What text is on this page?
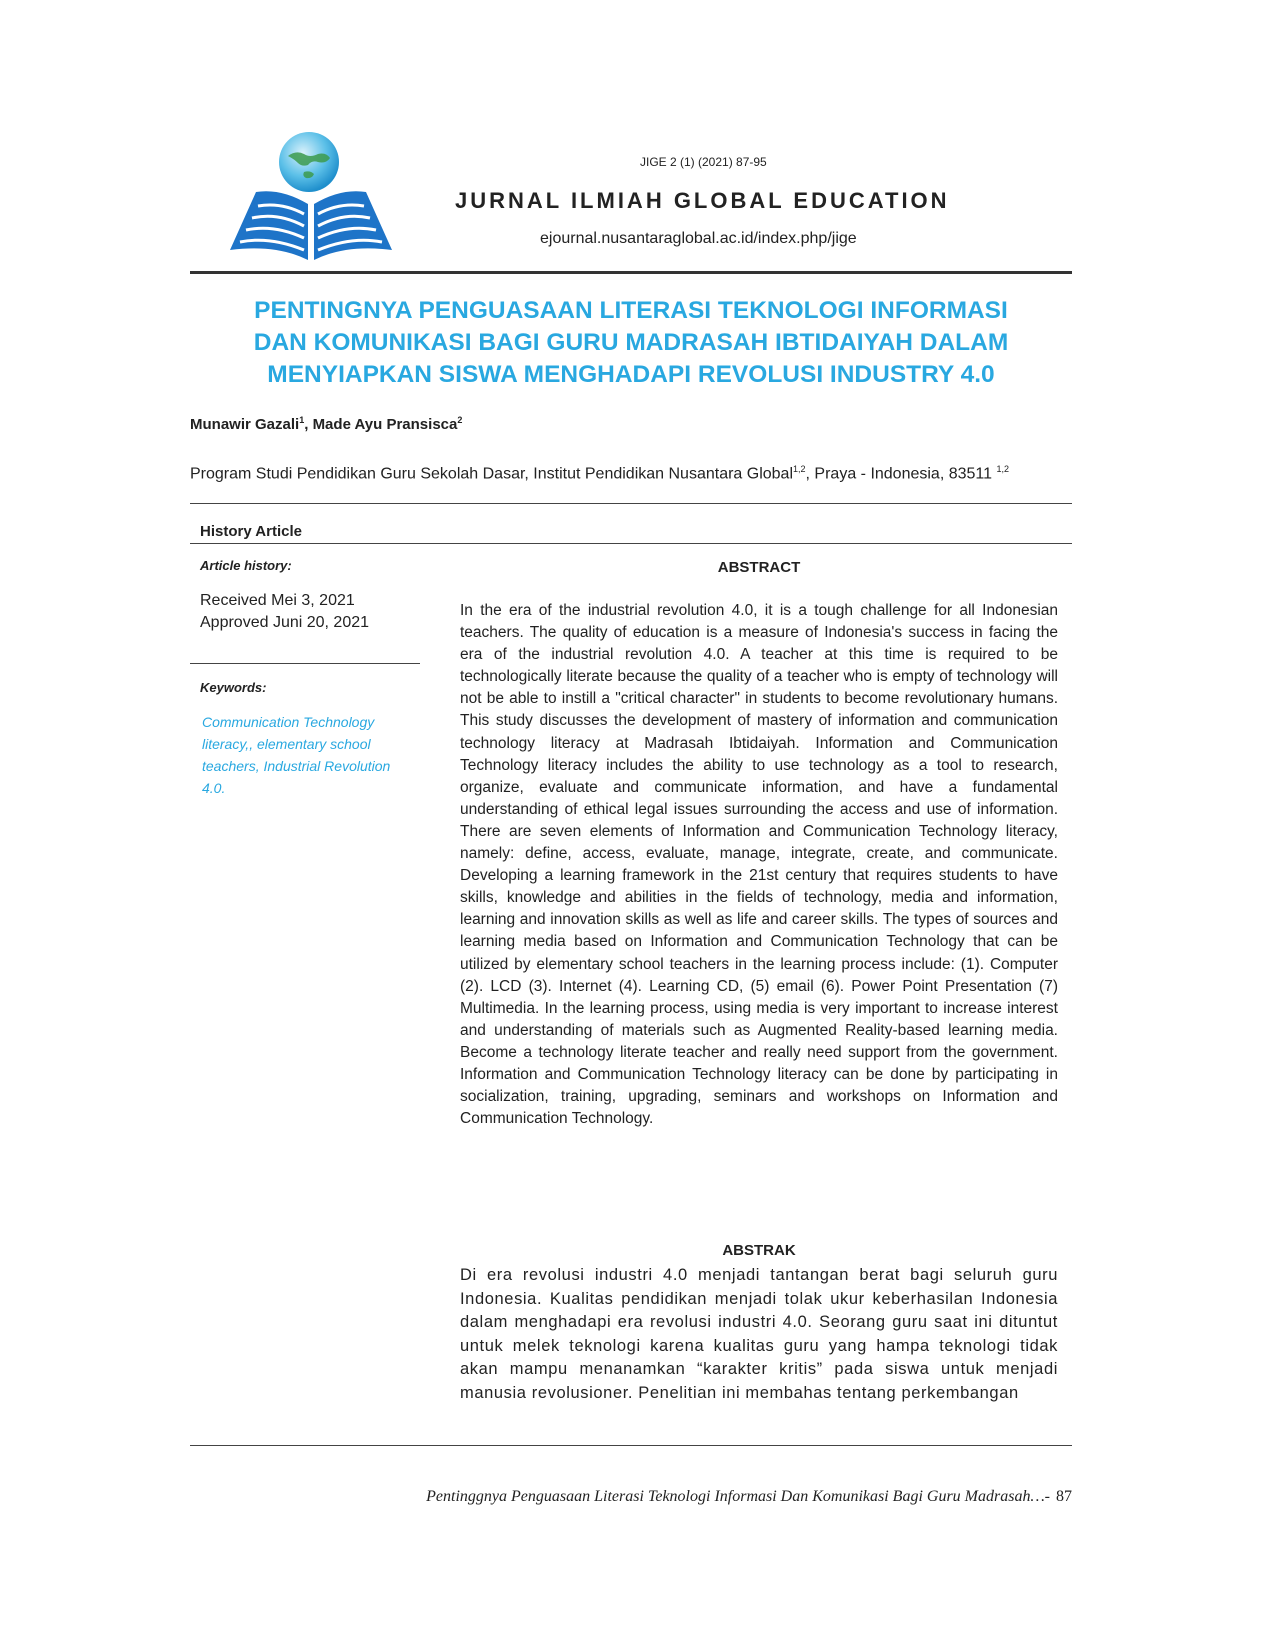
JIGE 2 (1) (2021) 87-95
JURNAL ILMIAH GLOBAL EDUCATION
ejournal.nusantaraglobal.ac.id/index.php/jige
PENTINGNYA PENGUASAAN LITERASI TEKNOLOGI INFORMASI
DAN KOMUNIKASI BAGI GURU MADRASAH IBTIDAIYAH DALAM
MENYIAPKAN SISWA MENGHADAPI REVOLUSI INDUSTRY 4.0
Munawir Gazali$^1$, Made Ayu Pransisca$^2$
Program Studi Pendidikan Guru Sekolah Dasar, Institut Pendidikan Nusantara Global$^{1,2}$, Praya - Indonesia, 83511 $^{1,2}$
History Article
Article history:
Received Mei 3, 2021
Approved Juni 20, 2021
Keywords:
Communication Technology literacy,, elementary school teachers, Industrial Revolution 4.0.
ABSTRACT
In the era of the industrial revolution 4.0, it is a tough challenge for all Indonesian teachers. The quality of education is a measure of Indonesia's success in facing the era of the industrial revolution 4.0. A teacher at this time is required to be technologically literate because the quality of a teacher who is empty of technology will not be able to instill a "critical character" in students to become revolutionary humans. This study discusses the development of mastery of information and communication technology literacy at Madrasah Ibtidaiyah. Information and Communication Technology literacy includes the ability to use technology as a tool to research, organize, evaluate and communicate information, and have a fundamental understanding of ethical legal issues surrounding the access and use of information. There are seven elements of Information and Communication Technology literacy, namely: define, access, evaluate, manage, integrate, create, and communicate. Developing a learning framework in the 21st century that requires students to have skills, knowledge and abilities in the fields of technology, media and information, learning and innovation skills as well as life and career skills. The types of sources and learning media based on Information and Communication Technology that can be utilized by elementary school teachers in the learning process include: (1). Computer (2). LCD (3). Internet (4). Learning CD, (5) email (6). Power Point Presentation (7) Multimedia. In the learning process, using media is very important to increase interest and understanding of materials such as Augmented Reality-based learning media. Become a technology literate teacher and really need support from the government. Information and Communication Technology literacy can be done by participating in socialization, training, upgrading, seminars and workshops on Information and Communication Technology.
ABSTRAK
Di era revolusi industri 4.0 menjadi tantangan berat bagi seluruh guru Indonesia. Kualitas pendidikan menjadi tolak ukur keberhasilan Indonesia dalam menghadapi era revolusi industri 4.0. Seorang guru saat ini dituntut untuk melek teknologi karena kualitas guru yang hampa teknologi tidak akan mampu menanamkan “karakter kritis” pada siswa untuk menjadi manusia revolusioner. Penelitian ini membahas tentang perkembangan
Pentinggnya Penguasaan Literasi Teknologi Informasi Dan Komunikasi Bagi Guru Madrasah…- 87
